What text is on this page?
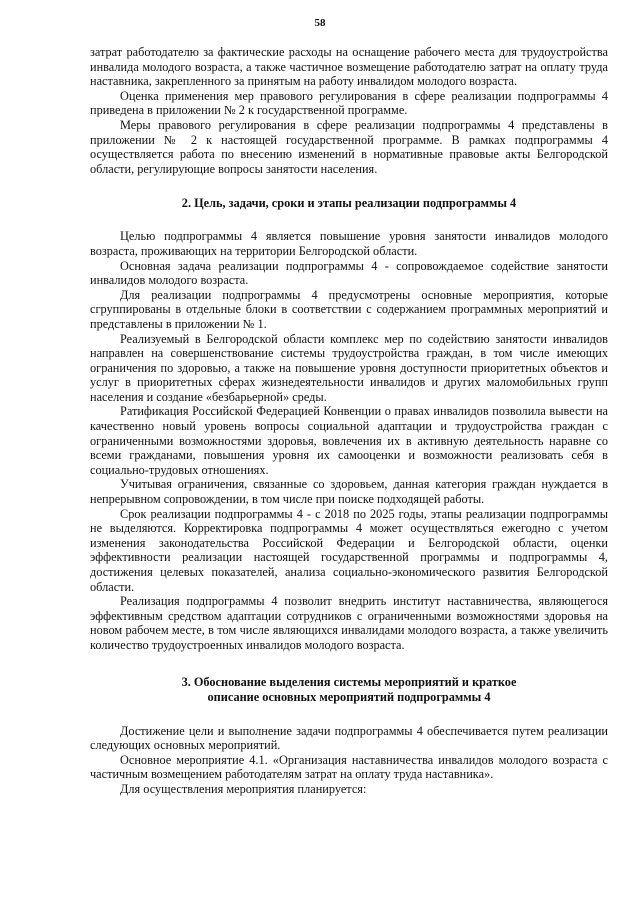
58

затрат работодателю за фактические расходы на оснащение рабочего места для трудоустройства инвалида молодого возраста, а также частичное возмещение работодателю затрат на оплату труда наставника, закрепленного за принятым на работу инвалидом молодого возраста.

Оценка применения мер правового регулирования в сфере реализации подпрограммы 4 приведена в приложении № 2 к государственной программе.

Меры правового регулирования в сфере реализации подпрограммы 4 представлены в приложении № 2 к настоящей государственной программе. В рамках подпрограммы 4 осуществляется работа по внесению изменений в нормативные правовые акты Белгородской области, регулирующие вопросы занятости населения.

2. Цель, задачи, сроки и этапы реализации подпрограммы 4

Целью подпрограммы 4 является повышение уровня занятости инвалидов молодого возраста, проживающих на территории Белгородской области.

Основная задача реализации подпрограммы 4 - сопровождаемое содействие занятости инвалидов молодого возраста.

Для реализации подпрограммы 4 предусмотрены основные мероприятия, которые сгруппированы в отдельные блоки в соответствии с содержанием программных мероприятий и представлены в приложении № 1.

Реализуемый в Белгородской области комплекс мер по содействию занятости инвалидов направлен на совершенствование системы трудоустройства граждан, в том числе имеющих ограничения по здоровью, а также на повышение уровня доступности приоритетных объектов и услуг в приоритетных сферах жизнедеятельности инвалидов и других маломобильных групп населения и создание «безбарьерной» среды.

Ратификация Российской Федерацией Конвенции о правах инвалидов позволила вывести на качественно новый уровень вопросы социальной адаптации и трудоустройства граждан с ограниченными возможностями здоровья, вовлечения их в активную деятельность наравне со всеми гражданами, повышения уровня их самооценки и возможности реализовать себя в социально-трудовых отношениях.

Учитывая ограничения, связанные со здоровьем, данная категория граждан нуждается в непрерывном сопровождении, в том числе при поиске подходящей работы.

Срок реализации подпрограммы 4 - с 2018 по 2025 годы, этапы реализации подпрограммы не выделяются. Корректировка подпрограммы 4 может осуществляться ежегодно с учетом изменения законодательства Российской Федерации и Белгородской области, оценки эффективности реализации настоящей государственной программы и подпрограммы 4, достижения целевых показателей, анализа социально-экономического развития Белгородской области.

Реализация подпрограммы 4 позволит внедрить институт наставничества, являющегося эффективным средством адаптации сотрудников с ограниченными возможностями здоровья на новом рабочем месте, в том числе являющихся инвалидами молодого возраста, а также увеличить количество трудоустроенных инвалидов молодого возраста.

3. Обоснование выделения системы мероприятий и краткое
описание основных мероприятий подпрограммы 4

Достижение цели и выполнение задачи подпрограммы 4 обеспечивается путем реализации следующих основных мероприятий.

Основное мероприятие 4.1. «Организация наставничества инвалидов молодого возраста с частичным возмещением работодателям затрат на оплату труда наставника».

Для осуществления мероприятия планируется:
